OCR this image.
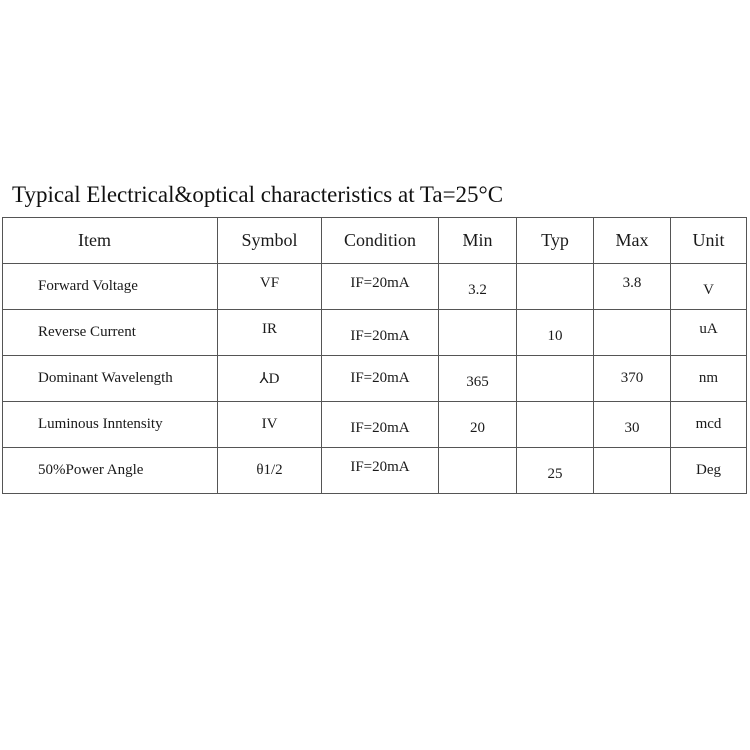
Typical Electrical&optical characteristics at Ta=25°C
Item	Symbol	Condition	Min	Typ	Max	Unit
Forward Voltage	VF	IF=20mA	3.2		3.8	V
Reverse Current	IR	IF=20mA		10		uA
Dominant Wavelength	⅄D	IF=20mA	365		370	nm
Luminous Inntensity	IV	IF=20mA	20		30	mcd
50%Power Angle	θ1/2	IF=20mA		25		Deg
